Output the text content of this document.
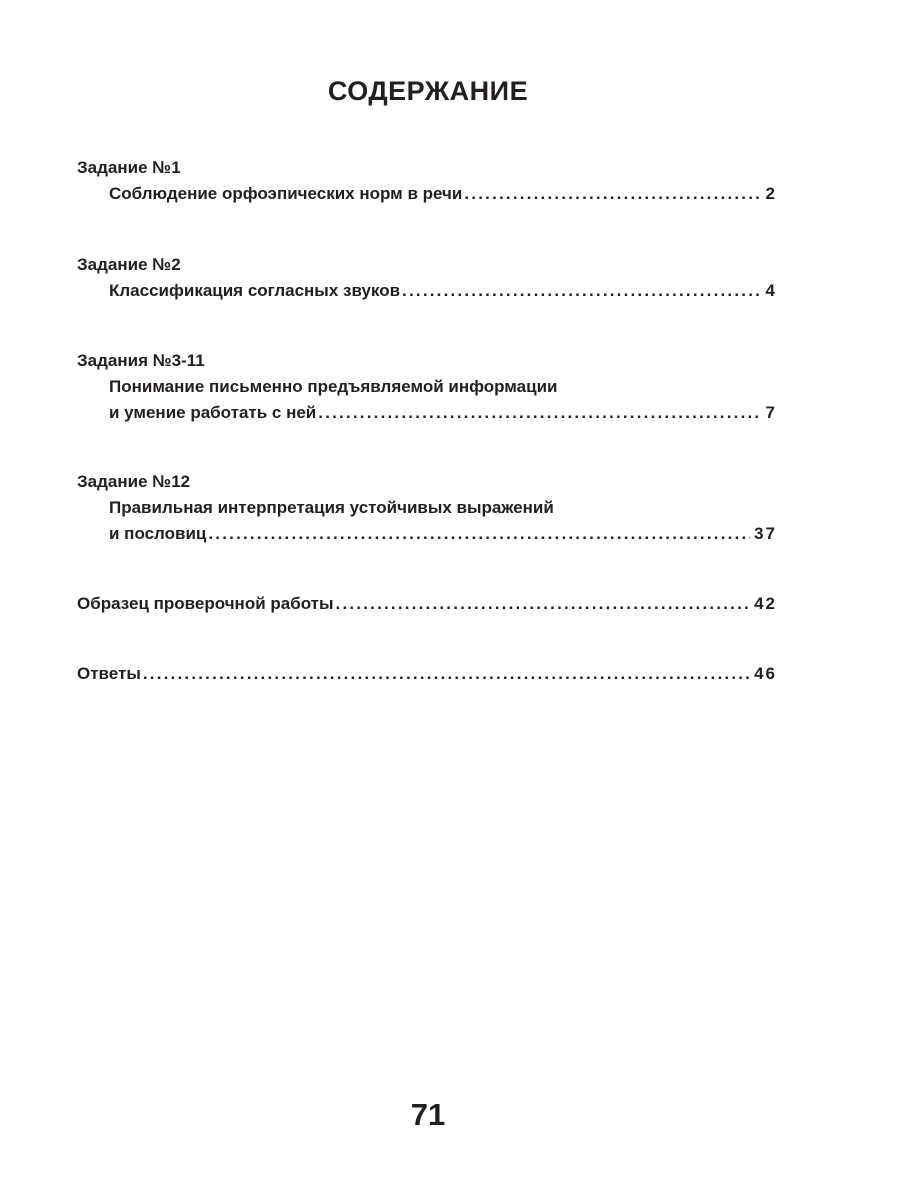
СОДЕРЖАНИЕ
Задание №1
Соблюдение орфоэпических норм в речи .....	2
Задание №2
Классификация согласных звуков .....	4
Задания №3-11
Понимание письменно предъявляемой информации
и умение работать с ней .....	7
Задание №12
Правильная интерпретация устойчивых выражений
и пословиц .....	37
Образец проверочной работы .....	42
Ответы .....	46

71
